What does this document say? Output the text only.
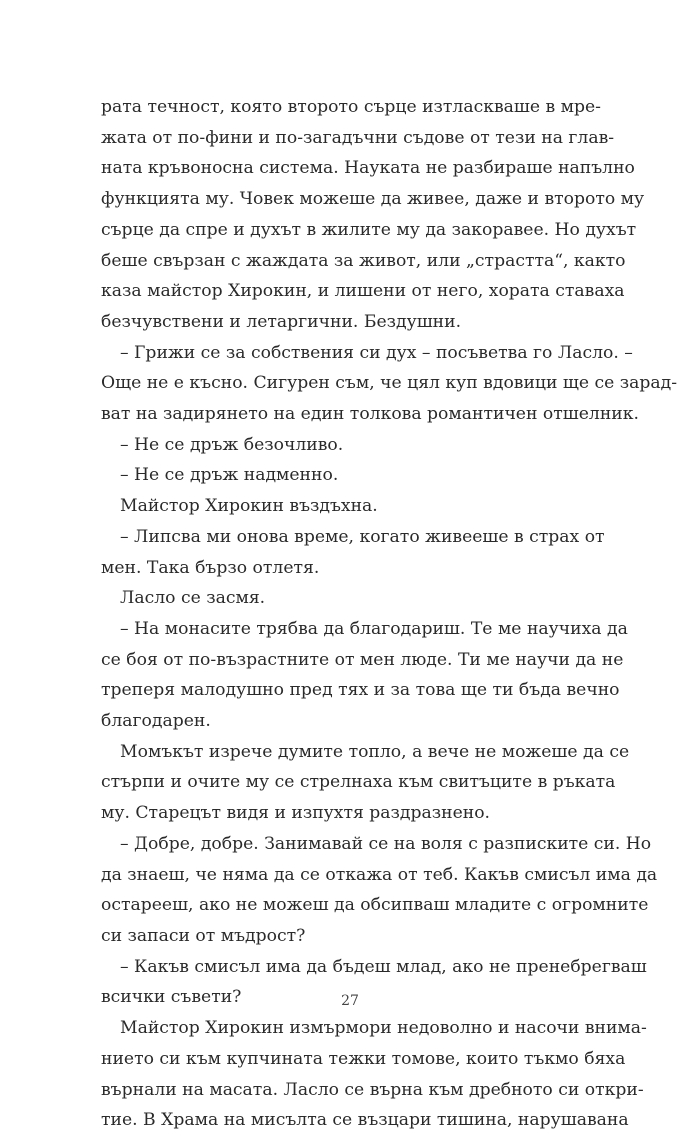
рата течност, която второто сърце изтласкваше в мре-
жата от по-фини и по-загадъчни съдове от тези на глав-
ната кръвоносна система. Науката не разбираше напълно
функцията му. Човек можеше да живее, даже и второто му
сърце да спре и духът в жилите му да закоравее. Но духът
беше свързан с жаждата за живот, или „страстта“, както
каза майстор Хирокин, и лишени от него, хората ставаха
безчувствени и летаргични. Бездушни.
– Грижи се за собствения си дух – посъветва го Ласло. –
Още не е късно. Сигурен съм, че цял куп вдовици ще се зарад-
ват на задирянето на един толкова романтичен отшелник.
– Не се дръж безочливо.
– Не се дръж надменно.
Майстор Хирокин въздъхна.
– Липсва ми онова време, когато живееше в страх от
мен. Така бързо отлетя.
Ласло се засмя.
– На монасите трябва да благодариш. Те ме научиха да
се боя от по-възрастните от мен люде. Ти ме научи да не
треперя малодушно пред тях и за това ще ти бъда вечно
благодарен.
Момъкът изрече думите топло, а вече не можеше да се
стърпи и очите му се стрелнаха към свитъците в ръката
му. Старецът видя и изпухтя раздразнено.
– Добре, добре. Занимавай се на воля с разписките си. Но
да знаеш, че няма да се откажа от теб. Какъв смисъл има да
остарееш, ако не можеш да обсипваш младите с огромните
си запаси от мъдрост?
– Какъв смисъл има да бъдеш млад, ако не пренебрегваш
всички съвети?
Майстор Хирокин измърмори недоволно и насочи внима-
нието си към купчината тежки томове, които тъкмо бяха
върнали на масата. Ласло се върна към дребното си откри-
тие. В Храма на мисълта се възцари тишина, нарушавана
27
